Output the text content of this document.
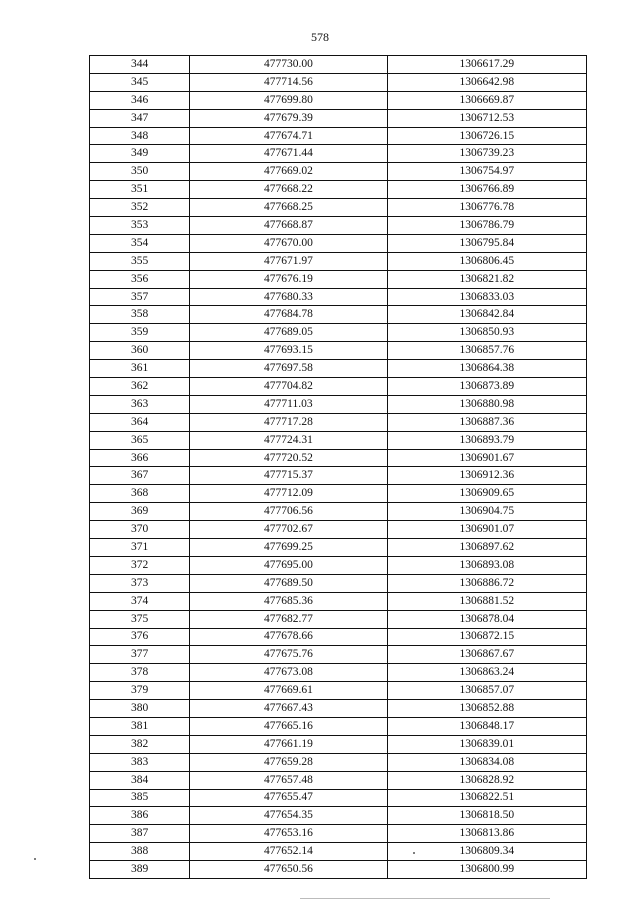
578
344	477730.00	1306617.29
345	477714.56	1306642.98
346	477699.80	1306669.87
347	477679.39	1306712.53
348	477674.71	1306726.15
349	477671.44	1306739.23
350	477669.02	1306754.97
351	477668.22	1306766.89
352	477668.25	1306776.78
353	477668.87	1306786.79
354	477670.00	1306795.84
355	477671.97	1306806.45
356	477676.19	1306821.82
357	477680.33	1306833.03
358	477684.78	1306842.84
359	477689.05	1306850.93
360	477693.15	1306857.76
361	477697.58	1306864.38
362	477704.82	1306873.89
363	477711.03	1306880.98
364	477717.28	1306887.36
365	477724.31	1306893.79
366	477720.52	1306901.67
367	477715.37	1306912.36
368	477712.09	1306909.65
369	477706.56	1306904.75
370	477702.67	1306901.07
371	477699.25	1306897.62
372	477695.00	1306893.08
373	477689.50	1306886.72
374	477685.36	1306881.52
375	477682.77	1306878.04
376	477678.66	1306872.15
377	477675.76	1306867.67
378	477673.08	1306863.24
379	477669.61	1306857.07
380	477667.43	1306852.88
381	477665.16	1306848.17
382	477661.19	1306839.01
383	477659.28	1306834.08
384	477657.48	1306828.92
385	477655.47	1306822.51
386	477654.35	1306818.50
387	477653.16	1306813.86
388	477652.14	1306809.34
389	477650.56	1306800.99
